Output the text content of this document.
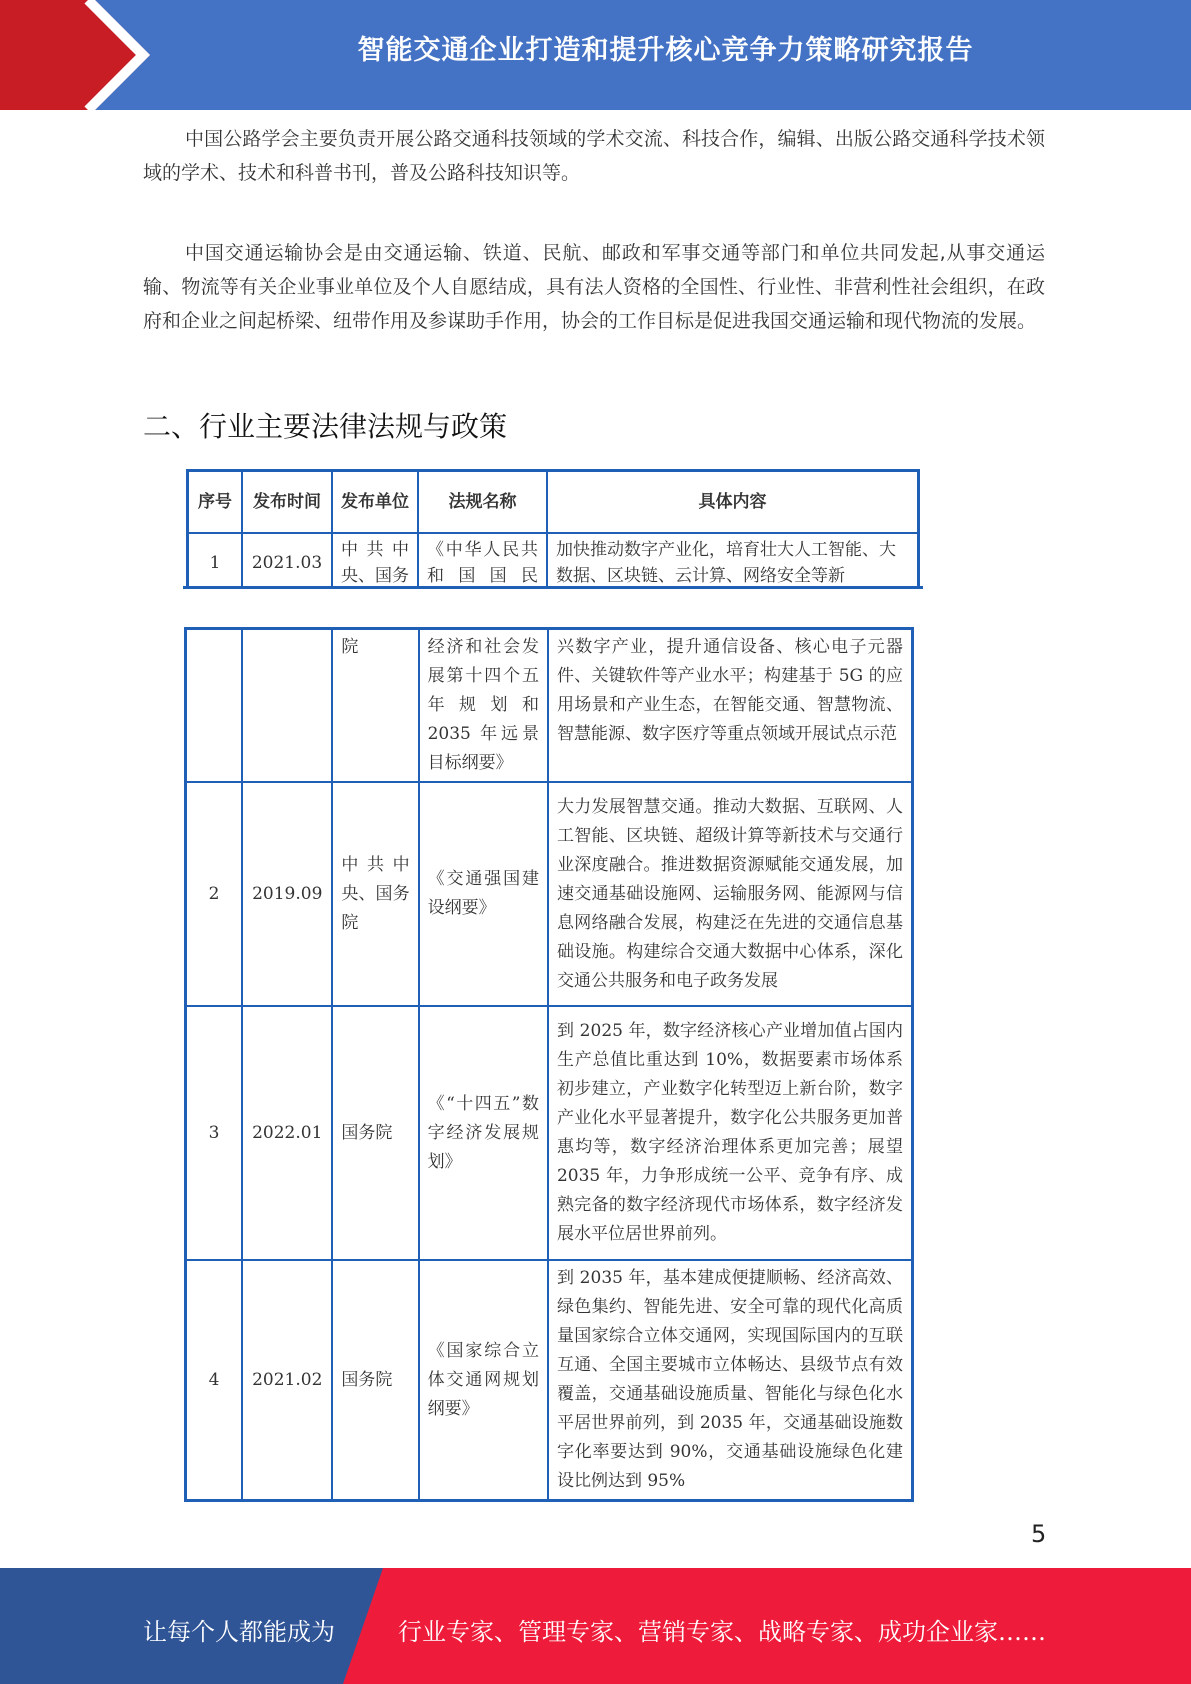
智能交通企业打造和提升核心竞争力策略研究报告

中国公路学会主要负责开展公路交通科技领域的学术交流、科技合作，编辑、出版公路交通科学技术领域的学术、技术和科普书刊，普及公路科技知识等。

中国交通运输协会是由交通运输、铁道、民航、邮政和军事交通等部门和单位共同发起,从事交通运输、物流等有关企业事业单位及个人自愿结成，具有法人资格的全国性、行业性、非营利性社会组织，在政府和企业之间起桥梁、纽带作用及参谋助手作用，协会的工作目标是促进我国交通运输和现代物流的发展。

二、行业主要法律法规与政策
序号	发布时间	发布单位	法规名称	具体内容
1	2021.03	中共中央、国务	《中华人民共和国国民	加快推动数字产业化，培育壮大人工智能、大数据、区块链、云计算、网络安全等新
		院	经济和社会发展第十四个五年规划和 2035 年远景目标纲要》	兴数字产业，提升通信设备、核心电子元器件、关键软件等产业水平；构建基于 5G 的应用场景和产业生态，在智能交通、智慧物流、智慧能源、数字医疗等重点领域开展试点示范
2	2019.09	中共中央、国务院	《交通强国建设纲要》	大力发展智慧交通。推动大数据、互联网、人工智能、区块链、超级计算等新技术与交通行业深度融合。推进数据资源赋能交通发展，加速交通基础设施网、运输服务网、能源网与信息网络融合发展，构建泛在先进的交通信息基础设施。构建综合交通大数据中心体系，深化交通公共服务和电子政务发展
3	2022.01	国务院	《“十四五”数字经济发展规划》	到 2025 年，数字经济核心产业增加值占国内生产总值比重达到 10%，数据要素市场体系初步建立，产业数字化转型迈上新台阶，数字产业化水平显著提升，数字化公共服务更加普惠均等，数字经济治理体系更加完善；展望 2035 年，力争形成统一公平、竞争有序、成熟完备的数字经济现代市场体系，数字经济发展水平位居世界前列。
4	2021.02	国务院	《国家综合立体交通网规划纲要》	到 2035 年，基本建成便捷顺畅、经济高效、绿色集约、智能先进、安全可靠的现代化高质量国家综合立体交通网，实现国际国内的互联互通、全国主要城市立体畅达、县级节点有效覆盖，交通基础设施质量、智能化与绿色化水平居世界前列，到 2035 年，交通基础设施数字化率要达到 90%，交通基础设施绿色化建设比例达到 95%
5
让每个人都能成为	行业专家、管理专家、营销专家、战略专家、成功企业家……
